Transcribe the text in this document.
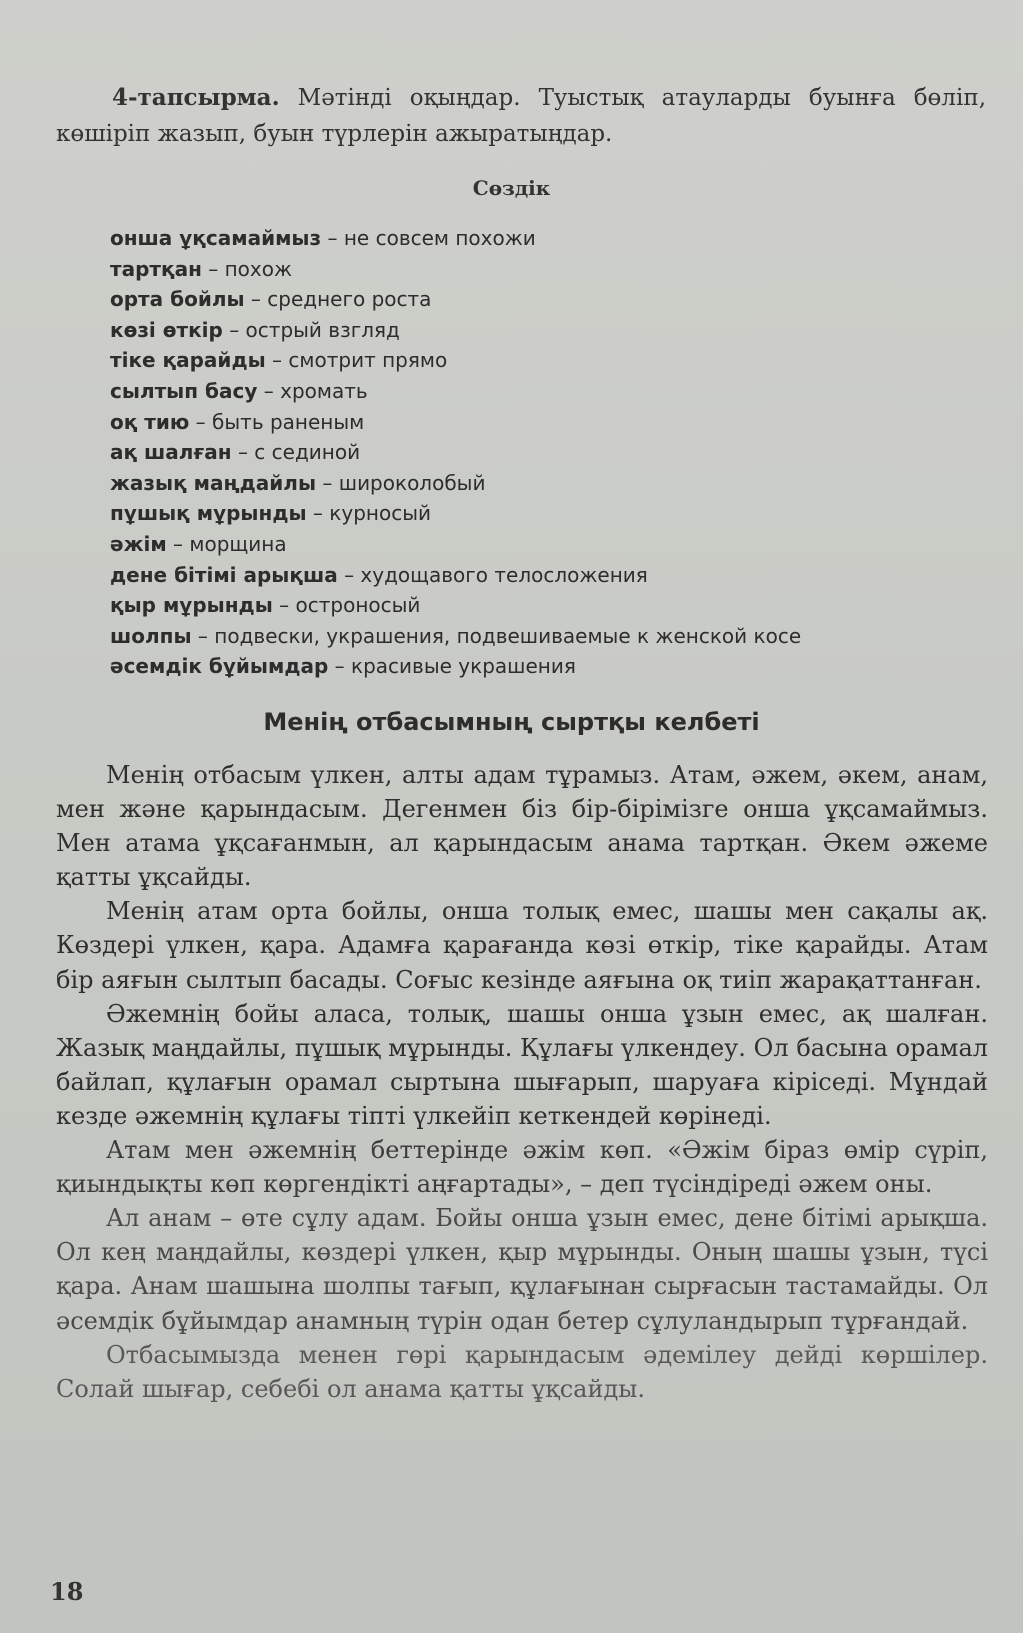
4-тапсырма. Мәтінді оқыңдар. Туыстық атауларды буынға бөліп, көшіріп жазып, буын түрлерін ажыратыңдар.
Сөздік
онша ұқсамаймыз – не совсем похожи
тартқан – похож
орта бойлы – среднего роста
көзі өткір – острый взгляд
тіке қарайды – смотрит прямо
сылтып басу – хромать
оқ тию – быть раненым
ақ шалған – с сединой
жазық маңдайлы – широколобый
пұшық мұрынды – курносый
әжім – морщина
дене бітімі арықша – худощавого телосложения
қыр мұрынды – остроносый
шолпы – подвески, украшения, подвешиваемые к женской косе
әсемдік бұйымдар – красивые украшения
Менің отбасымның сыртқы келбеті

Менің отбасым үлкен, алты адам тұрамыз. Атам, әжем, әкем, анам, мен және қарындасым. Дегенмен біз бір-бірімізге онша ұқсамаймыз. Мен атама ұқсағанмын, ал қарындасым анама тартқан. Әкем әжеме қатты ұқсайды.

Менің атам орта бойлы, онша толық емес, шашы мен сақалы ақ. Көздері үлкен, қара. Адамға қарағанда көзі өткір, тіке қарайды. Атам бір аяғын сылтып басады. Соғыс кезінде аяғына оқ тиіп жарақаттанған.

Әжемнің бойы аласа, толық, шашы онша ұзын емес, ақ шалған. Жазық маңдайлы, пұшық мұрынды. Құлағы үлкендеу. Ол басына орамал байлап, құлағын орамал сыртына шығарып, шаруаға кіріседі. Мұндай кезде әжемнің құлағы тіпті үлкейіп кеткендей көрінеді.

Атам мен әжемнің беттерінде әжім көп. «Әжім біраз өмір сүріп, қиындықты көп көргендікті аңғартады», – деп түсіндіреді әжем оны.

Ал анам – өте сұлу адам. Бойы онша ұзын емес, дене бітімі арықша. Ол кең маңдайлы, көздері үлкен, қыр мұрынды. Оның шашы ұзын, түсі қара. Анам шашына шолпы тағып, құлағынан сырғасын тастамайды. Ол әсемдік бұйымдар анамның түрін одан бетер сұлуландырып тұрғандай.

Отбасымызда менен гөрі қарындасым әдемілеу дейді көршілер. Солай шығар, себебі ол анама қатты ұқсайды.

18
